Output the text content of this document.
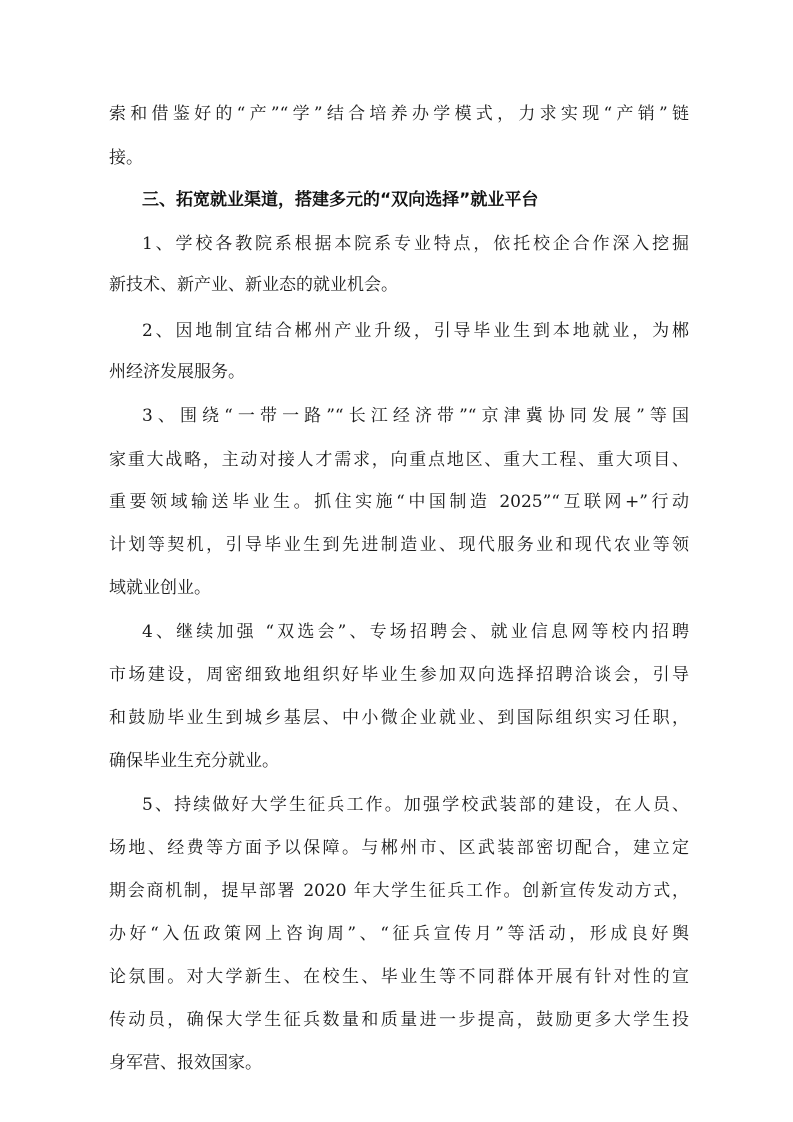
索和借鉴好的“产”“学”结合培养办学模式，力求实现“产销”链
接。
三、拓宽就业渠道，搭建多元的“双向选择”就业平台
1、学校各教院系根据本院系专业特点，依托校企合作深入挖掘
新技术、新产业、新业态的就业机会。
2、因地制宜结合郴州产业升级，引导毕业生到本地就业，为郴
州经济发展服务。
3、围绕“一带一路”“长江经济带”“京津冀协同发展”等国
家重大战略，主动对接人才需求，向重点地区、重大工程、重大项目、
重要领域输送毕业生。抓住实施“中国制造 2025”“互联网+”行动
计划等契机，引导毕业生到先进制造业、现代服务业和现代农业等领
域就业创业。
4、继续加强 “双选会”、专场招聘会、就业信息网等校内招聘
市场建设，周密细致地组织好毕业生参加双向选择招聘洽谈会，引导
和鼓励毕业生到城乡基层、中小微企业就业、到国际组织实习任职，
确保毕业生充分就业。
5、持续做好大学生征兵工作。加强学校武装部的建设，在人员、
场地、经费等方面予以保障。与郴州市、区武装部密切配合，建立定
期会商机制，提早部署 2020 年大学生征兵工作。创新宣传发动方式，
办好“入伍政策网上咨询周”、“征兵宣传月”等活动，形成良好舆
论氛围。对大学新生、在校生、毕业生等不同群体开展有针对性的宣
传动员，确保大学生征兵数量和质量进一步提高，鼓励更多大学生投
身军营、报效国家。
